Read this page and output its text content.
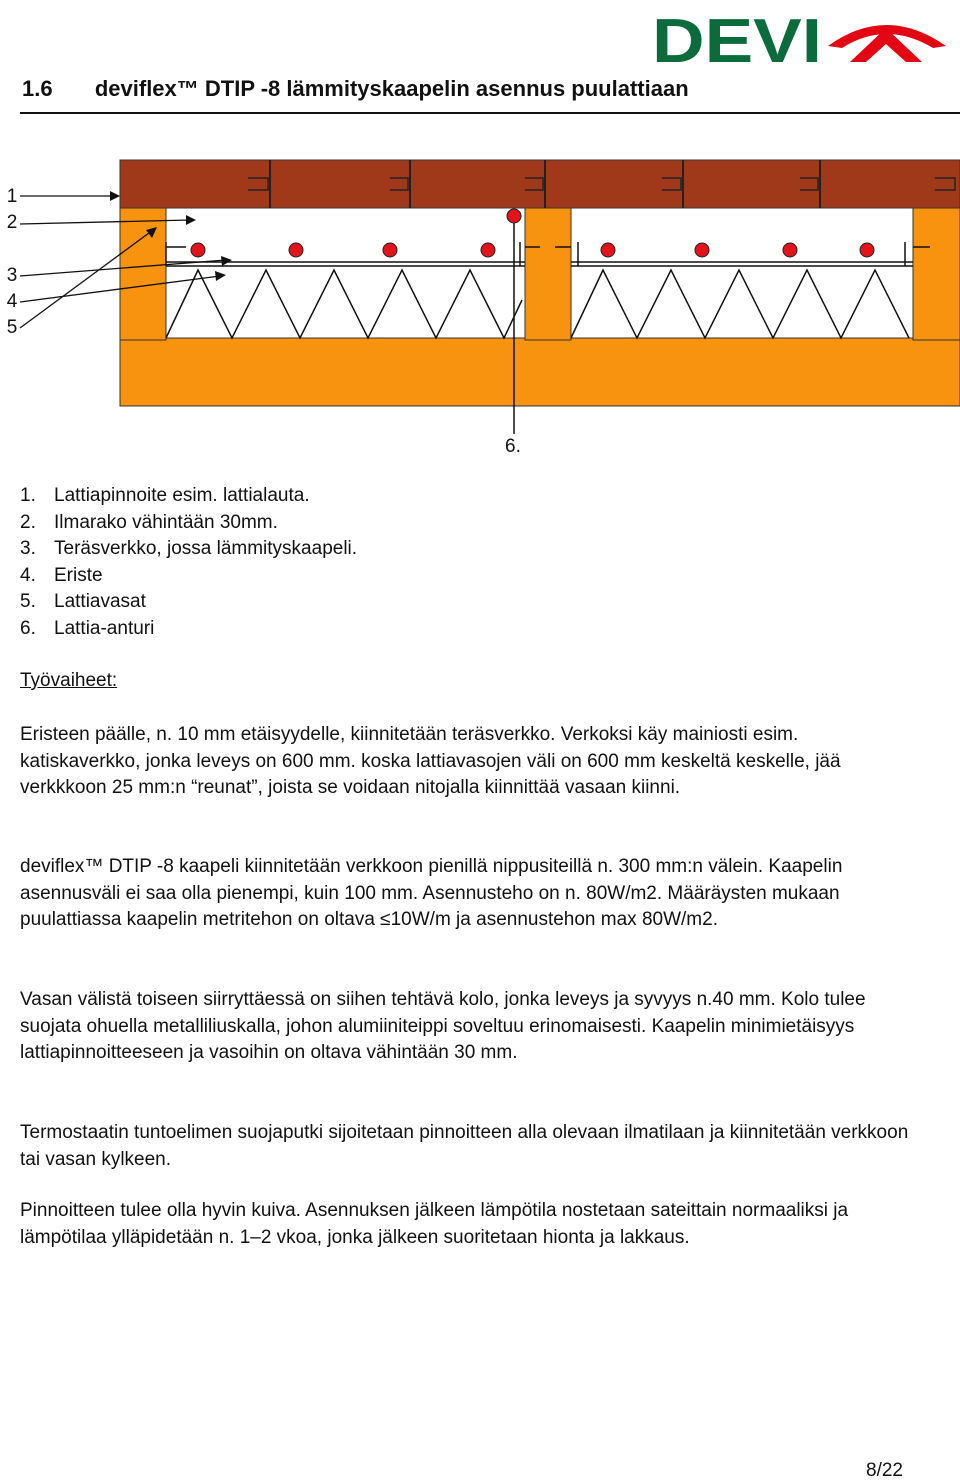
DEVI
1.6 deviflex™ DTIP -8 lämmityskaapelin asennus puulattiaan
1
2
3
4
5
6.
1. Lattiapinnoite esim. lattialauta.
2. Ilmarako vähintään 30mm.
3. Teräsverkko, jossa lämmityskaapeli.
4. Eriste
5. Lattiavasat
6. Lattia-anturi
Työvaiheet:

Eristeen päälle, n. 10 mm etäisyydelle, kiinnitetään teräsverkko. Verkoksi käy mainiosti esim. katiskaverkko, jonka leveys on 600 mm. koska lattiavasojen väli on 600 mm keskeltä keskelle, jää verkkkoon 25 mm:n “reunat”, joista se voidaan nitojalla kiinnittää vasaan kiinni.

deviflex™ DTIP -8 kaapeli kiinnitetään verkkoon pienillä nippusiteillä n. 300 mm:n välein. Kaapelin asennusväli ei saa olla pienempi, kuin 100 mm. Asennusteho on n. 80W/m2. Määräysten mukaan puulattiassa kaapelin metritehon on oltava ≤10W/m ja asennustehon max 80W/m2.

Vasan välistä toiseen siirryttäessä on siihen tehtävä kolo, jonka leveys ja syvyys n.40 mm. Kolo tulee suojata ohuella metalliliuskalla, johon alumiiniteippi soveltuu erinomaisesti. Kaapelin minimietäisyys lattiapinnoitteeseen ja vasoihin on oltava vähintään 30 mm.

Termostaatin tuntoelimen suojaputki sijoitetaan pinnoitteen alla olevaan ilmatilaan ja kiinnitetään verkkoon tai vasan kylkeen.

Pinnoitteen tulee olla hyvin kuiva. Asennuksen jälkeen lämpötila nostetaan sateittain normaaliksi ja lämpötilaa ylläpidetään n. 1–2 vkoa, jonka jälkeen suoritetaan hionta ja lakkaus.

8/22
